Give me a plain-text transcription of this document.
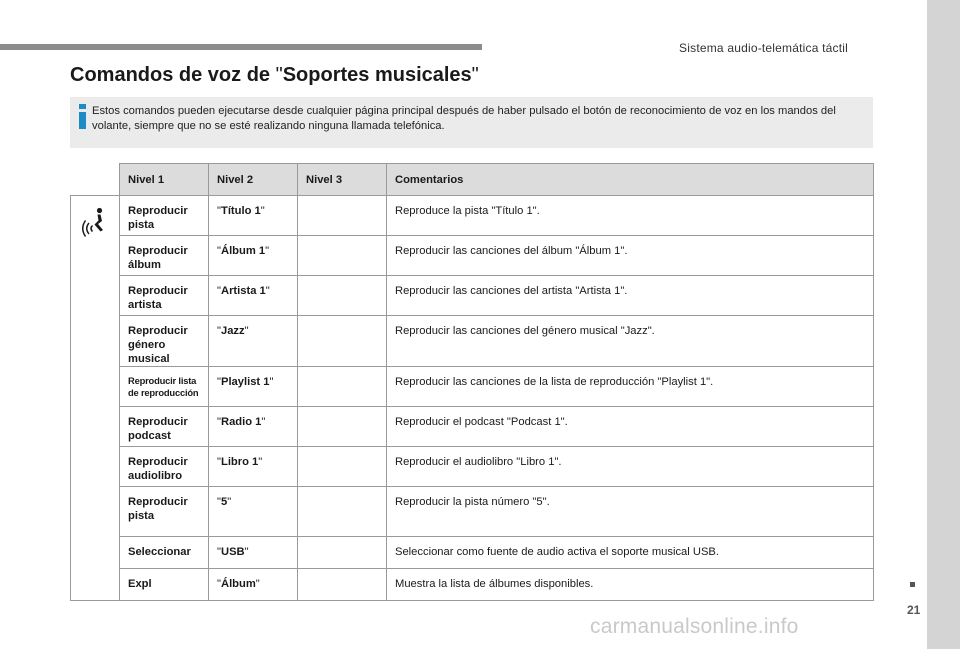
Sistema audio-telemática táctil
Comandos de voz de "Soportes musicales"
Estos comandos pueden ejecutarse desde cualquier página principal después de haber pulsado el botón de reconocimiento de voz en los mandos del volante, siempre que no se esté realizando ninguna llamada telefónica.
	Nivel 1	Nivel 2	Nivel 3	Comentarios

	Reproducir pista	"Título 1"		Reproduce la pista "Título 1".
	Reproducir álbum	"Álbum 1"		Reproducir las canciones del álbum "Álbum 1".
	Reproducir artista	"Artista 1"		Reproducir las canciones del artista "Artista 1".
	Reproducir género musical	"Jazz"		Reproducir las canciones del género musical "Jazz".
	Reproducir lista de reproducción	"Playlist 1"		Reproducir las canciones de la lista de reproducción "Playlist 1".
	Reproducir podcast	"Radio 1"		Reproducir el podcast "Podcast 1".
	Reproducir audiolibro	"Libro 1"		Reproducir el audiolibro "Libro 1".
	Reproducir pista	"5"		Reproducir la pista número "5".
	Seleccionar	"USB"		Seleccionar como fuente de audio activa el soporte musical USB.
	Expl	"Álbum"		Muestra la lista de álbumes disponibles.
21
carmanualsonline.info
